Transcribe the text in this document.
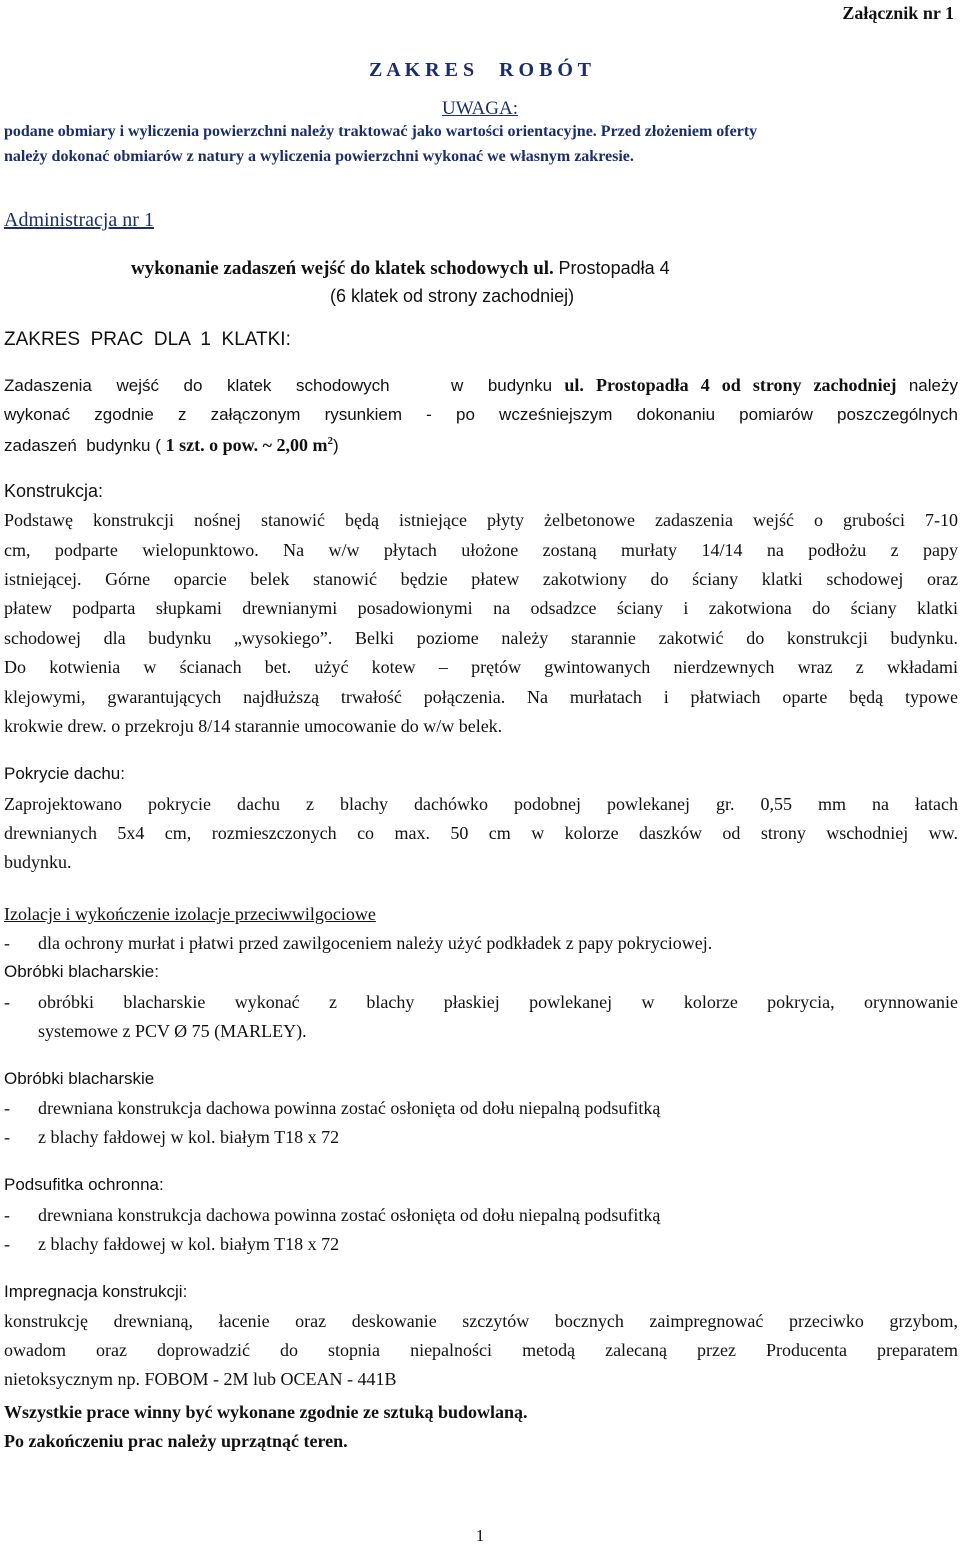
Załącznik nr 1
Z A K R E S     R O B Ó T
UWAGA:
podane obmiary i wyliczenia powierzchni należy traktować jako wartości orientacyjne. Przed złożeniem oferty
należy dokonać obmiarów z natury a wyliczenia powierzchni wykonać we własnym zakresie.
Administracja nr 1
wykonanie zadaszeń wejść do klatek schodowych ul. Prostopadła 4
(6 klatek od strony zachodniej)
ZAKRES  PRAC  DLA  1  KLATKI:
Zadaszenia  wejść  do  klatek  schodowych     w  budynku ul. Prostopadła 4 od strony zachodniej należy
wykonać zgodnie z załączonym rysunkiem - po wcześniejszym dokonaniu pomiarów poszczególnych
zadaszeń  budynku ( 1 szt. o pow. ~ 2,00 $m^2$)
Konstrukcja:
Podstawę konstrukcji nośnej stanowić będą istniejące płyty żelbetonowe zadaszenia wejść o grubości 7-10
cm, podparte wielopunktowo. Na w/w płytach ułożone zostaną murłaty 14/14 na podłożu z papy
istniejącej. Górne oparcie belek stanowić będzie płatew zakotwiony do ściany klatki schodowej oraz
płatew podparta słupkami drewnianymi posadowionymi na odsadzce ściany i zakotwiona do ściany klatki
schodowej dla budynku „wysokiego”. Belki poziome należy starannie zakotwić do konstrukcji budynku.
Do kotwienia w ścianach bet. użyć kotew – prętów gwintowanych nierdzewnych wraz z wkładami
klejowymi, gwarantujących najdłuższą trwałość połączenia. Na murłatach i płatwiach oparte będą typowe
krokwie drew. o przekroju 8/14 starannie umocowanie do w/w belek.
Pokrycie dachu:
Zaprojektowano pokrycie dachu z blachy dachówko podobnej powlekanej gr. 0,55 mm na łatach
drewnianych 5x4 cm, rozmieszczonych co max. 50 cm w kolorze daszków od strony wschodniej ww.
budynku.
Izolacje i wykończenie izolacje przeciwwilgociowe
- dla ochrony murłat i płatwi przed zawilgoceniem należy użyć podkładek z papy pokryciowej.
Obróbki blacharskie:
- obróbki blacharskie wykonać z blachy płaskiej powlekanej w kolorze pokrycia, orynnowanie
systemowe z PCV Ø 75 (MARLEY).
Obróbki blacharskie
- drewniana konstrukcja dachowa powinna zostać osłonięta od dołu niepalną podsufitką
- z blachy fałdowej w kol. białym T18 x 72
Podsufitka ochronna:
- drewniana konstrukcja dachowa powinna zostać osłonięta od dołu niepalną podsufitką
- z blachy fałdowej w kol. białym T18 x 72
Impregnacja konstrukcji:
konstrukcję drewnianą, łacenie oraz deskowanie szczytów bocznych zaimpregnować przeciwko grzybom,
owadom oraz doprowadzić do stopnia niepalności metodą zalecaną przez Producenta preparatem
nietoksycznym np. FOBOM - 2M lub OCEAN - 441B
Wszystkie prace winny być wykonane zgodnie ze sztuką budowlaną.
Po zakończeniu prac należy uprzątnąć teren.
1
